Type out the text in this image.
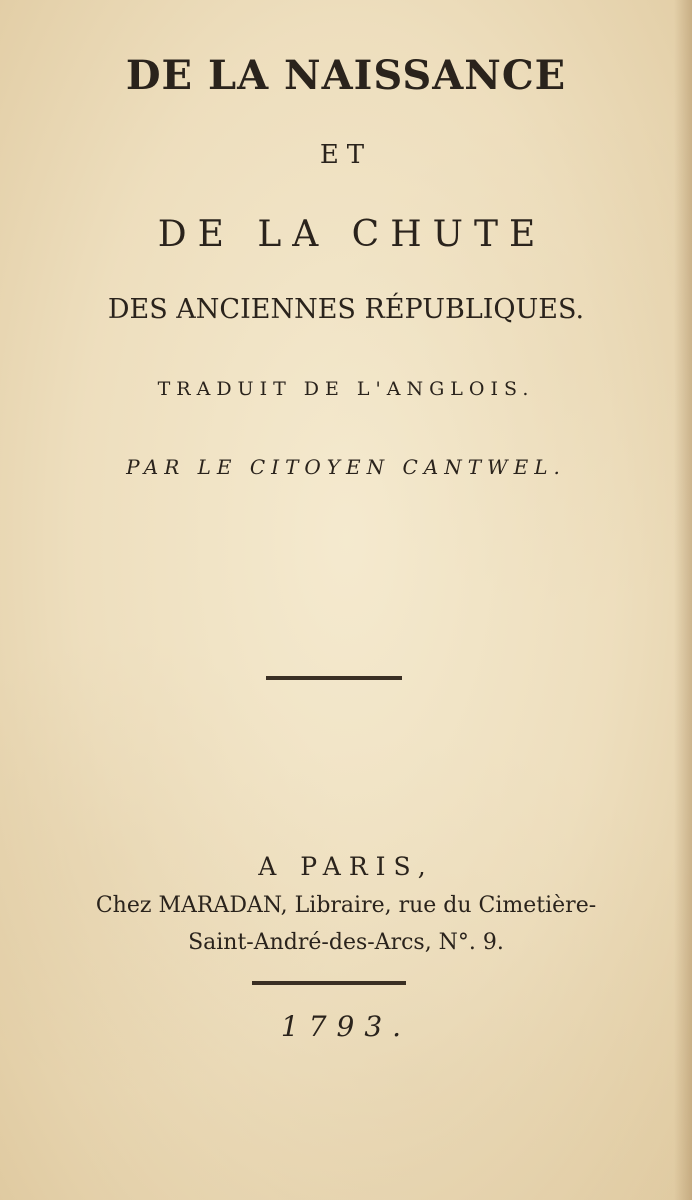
DE LA NAISSANCE
ET
DE LA CHUTE
DES ANCIENNES RÉPUBLIQUES.
TRADUIT DE L'ANGLOIS.
PAR LE CITOYEN CANTWEL.
A PARIS,
Chez MARADAN, Libraire, rue du Cimetière-
Saint-André-des-Arcs, N°. 9.
1793.
